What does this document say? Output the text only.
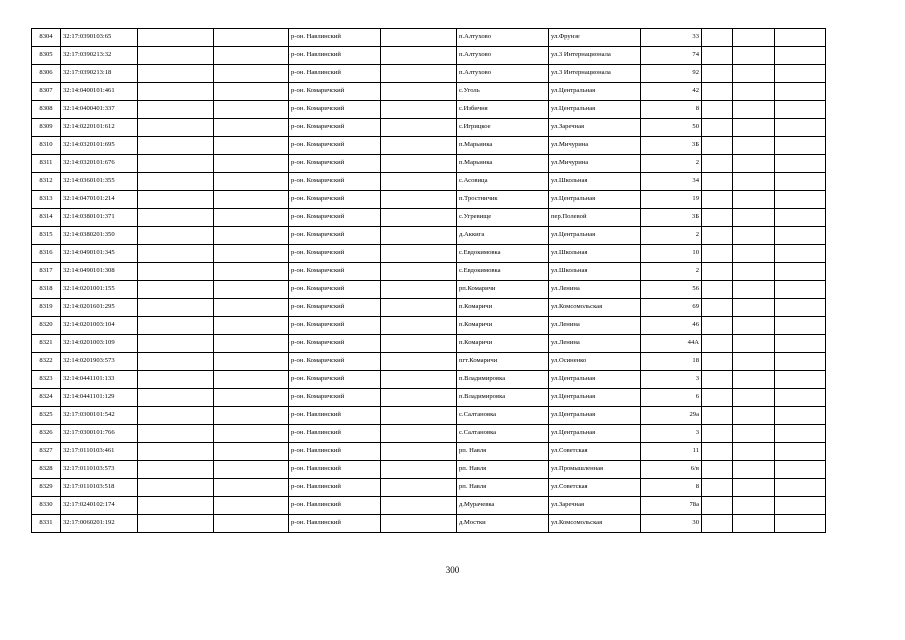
8304	32:17:0390103:65			р-он. Навлинский		п.Алтухово	ул.Фрунзе	33			
8305	32:17:0390213:32			р-он. Навлинский		п.Алтухово	ул.3 Интернационала	74			
8306	32:17:0390213:18			р-он. Навлинский		п.Алтухово	ул.3 Интернационала	92			
8307	32:14:0400101:461			р-он. Комаричский		с.Уголь	ул.Центральная	42			
8308	32:14:0400401:337			р-он. Комаричский		с.Избичня	ул.Центральная	8			
8309	32:14:0220101:612			р-он. Комаричский		с.Игрицкое	ул.Заречная	50			
8310	32:14:0320101:695			р-он. Комаричский		п.Марьинка	ул.Мичурина	3Б			
8311	32:14:0320101:676			р-он. Комаричский		п.Марьинка	ул.Мичурина	2			
8312	32:14:0360101:355			р-он. Комаричский		с.Асовица	ул.Школьная	34			
8313	32:14:0470101:214			р-он. Комаричский		п.Тростничик	ул.Центральная	19			
8314	32:14:0380101:371			р-он. Комаричский		с.Угревище	пер.Полевой	3Б			
8315	32:14:0380201:350			р-он. Комаричский		д.Аккига	ул.Центральная	2			
8316	32:14:0490101:345			р-он. Комаричский		с.Евдокимовка	ул.Школьная	10			
8317	32:14:0490101:308			р-он. Комаричский		с.Евдокимовка	ул.Школьная	2			
8318	32:14:0201001:155			р-он. Комаричский		рп.Комаричи	ул.Ленина	56			
8319	32:14:0201601:295			р-он. Комаричский		п.Комаричи	ул.Комсомольская	69			
8320	32:14:0201003:104			р-он. Комаричский		п.Комаричи	ул.Ленина	46			
8321	32:14:0201003:109			р-он. Комаричский		п.Комаричи	ул.Ленина	44А			
8322	32:14:0201903:573			р-он. Комаричский		пгт.Комаричи	ул.Осиненко	18			
8323	32:14:0441101:133			р-он. Комаричский		п.Владимировка	ул.Центральная	3			
8324	32:14:0441101:129			р-он. Комаричский		п.Владимировка	ул.Центральная	6			
8325	32:17:0300101:542			р-он. Навлинский		с.Салтановка	ул.Центральная	29а			
8326	32:17:0300101:766			р-он. Навлинский		с.Салтановка	ул.Центральная	3			
8327	32:17:0110103:461			р-он. Навлинский		рп. Навля	ул.Советская	11			
8328	32:17:0110103:573			р-он. Навлинский		рп. Навля	ул.Промышленная	6/в			
8329	32:17:0110103:518			р-он. Навлинский		рп. Навля	ул.Советская	8			
8330	32:17:0240102:174			р-он. Навлинский		д.Мурачевка	ул.Заречная	78а			
8331	32:17:0060201:192			р-он. Навлинский		д.Мостки	ул.Комсомольская	30			
300
